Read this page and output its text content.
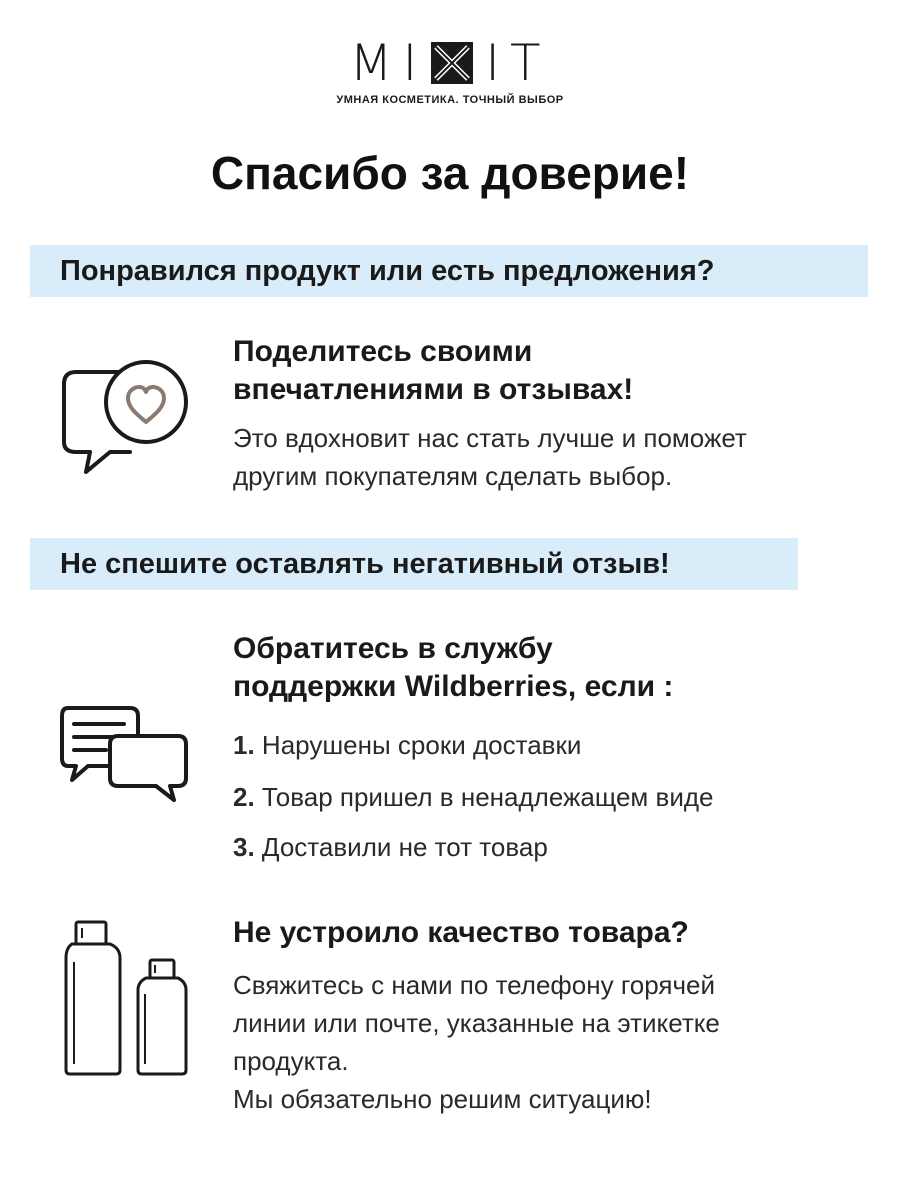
MI IT
УМНАЯ КОСМЕТИКА. ТОЧНЫЙ ВЫБОР
Спасибо за доверие!
Понравился продукт или есть предложения?
Поделитесь своими
впечатлениями в отзывах!
Это вдохновит нас стать лучше и поможет
другим покупателям сделать выбор.
Не спешите оставлять негативный отзыв!
Обратитесь в службу
поддержки Wildberries, если :
1. Нарушены сроки доставки
2. Товар пришел в ненадлежащем виде
3. Доставили не тот товар
Не устроило качество товара?
Свяжитесь с нами по телефону горячей
линии или почте, указанные на этикетке
продукта.
Мы обязательно решим ситуацию!
